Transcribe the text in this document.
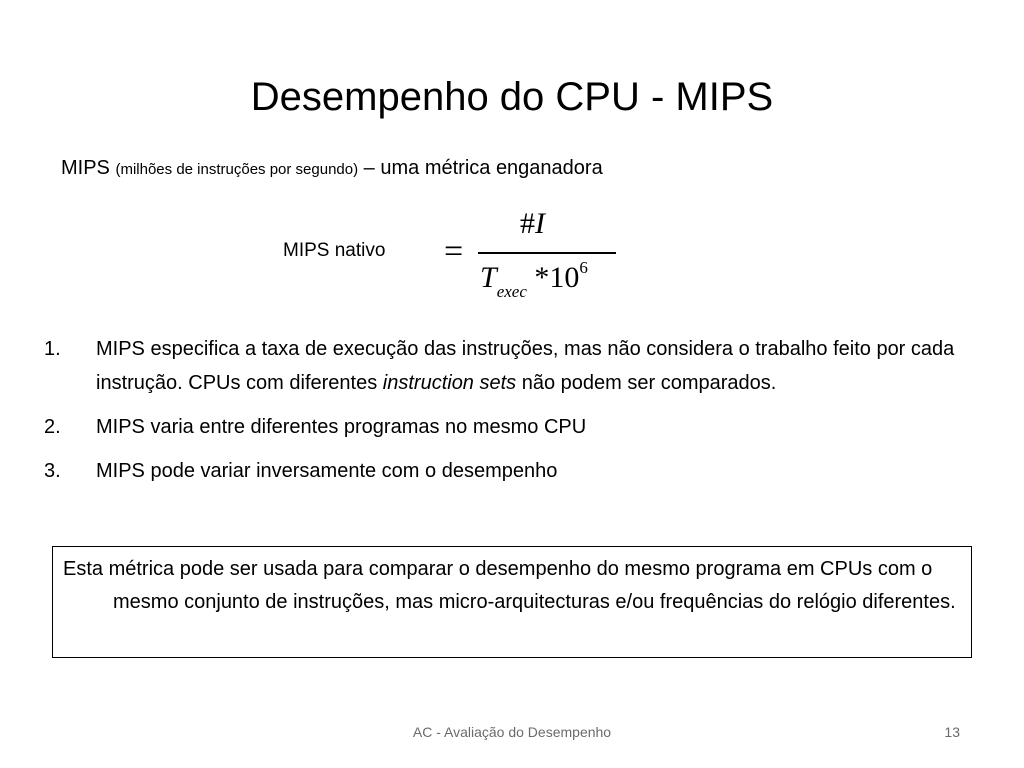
Desempenho do CPU - MIPS
MIPS (milhões de instruções por segundo) – uma métrica enganadora
MIPS nativo =
#I
$T_{exec}$ $*10^6$
1. MIPS especifica a taxa de execução das instruções, mas não considera o trabalho feito por cada instrução. CPUs com diferentes instruction sets não podem ser comparados.
2. MIPS varia entre diferentes programas no mesmo CPU
3. MIPS pode variar inversamente com o desempenho
Esta métrica pode ser usada para comparar o desempenho do mesmo programa em CPUs com o mesmo conjunto de instruções, mas micro-arquitecturas e/ou frequências do relógio diferentes.
AC - Avaliação do Desempenho	13
